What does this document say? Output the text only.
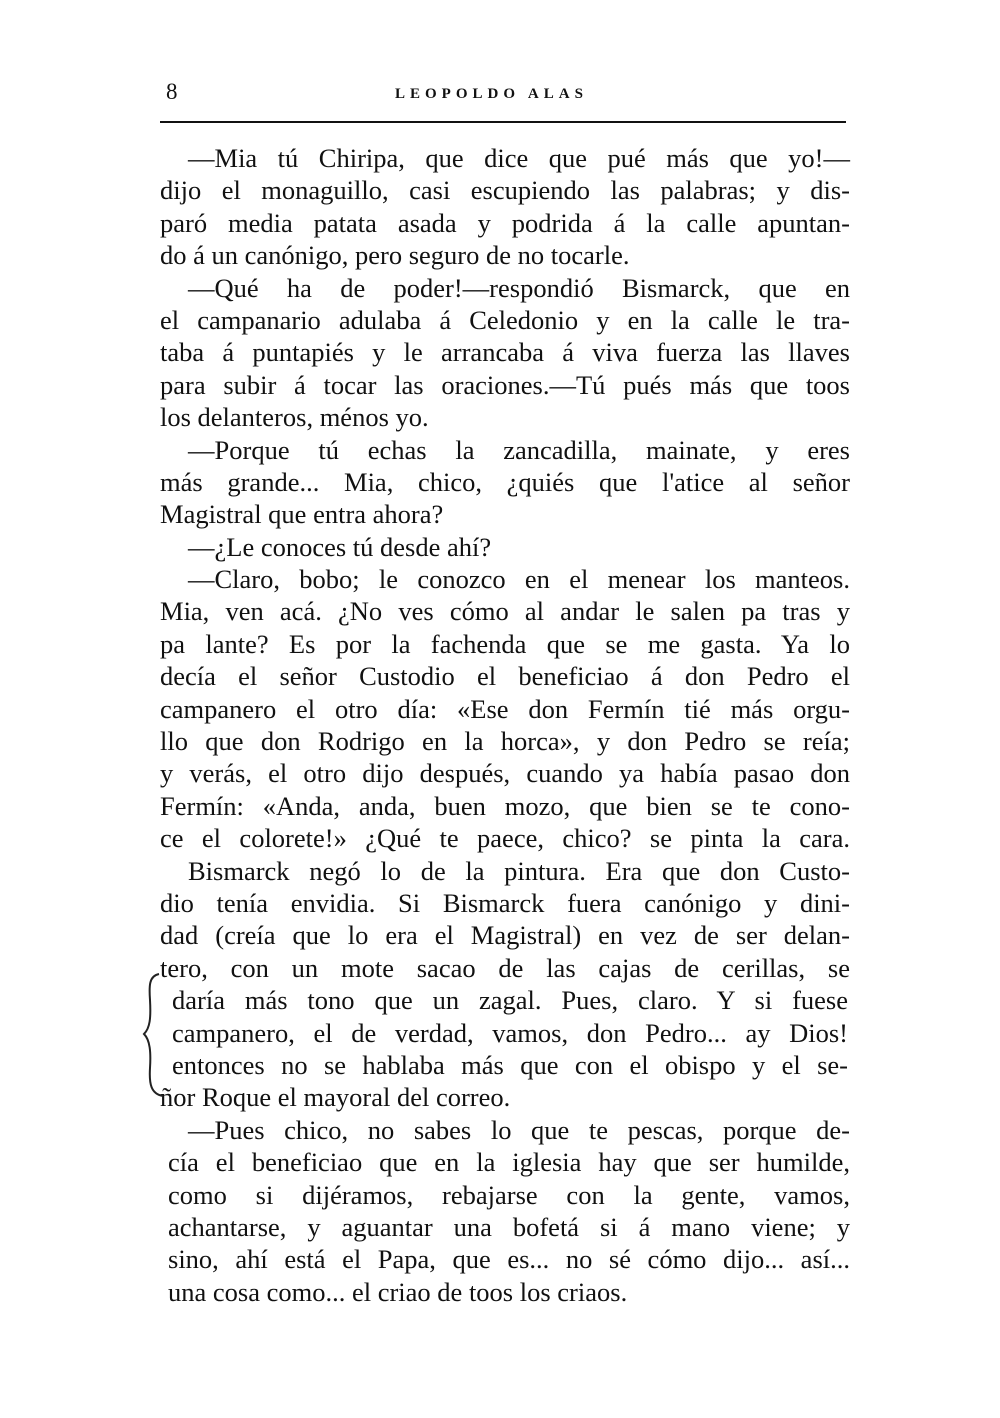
8	LEOPOLDO ALAS
—Mia tú Chiripa, que dice que pué más que yo!—
dijo el monaguillo, casi escupiendo las palabras; y dis-
paró media patata asada y podrida á la calle apuntan-
do á un canónigo, pero seguro de no tocarle.
—Qué ha de poder!—respondió Bismarck, que en
el campanario adulaba á Celedonio y en la calle le tra-
taba á puntapiés y le arrancaba á viva fuerza las llaves
para subir á tocar las oraciones.—Tú pués más que toos
los delanteros, ménos yo.
—Porque tú echas la zancadilla, mainate, y eres
más grande... Mia, chico, ¿quiés que l'atice al señor
Magistral que entra ahora?
—¿Le conoces tú desde ahí?
—Claro, bobo; le conozco en el menear los manteos.
Mia, ven acá. ¿No ves cómo al andar le salen pa tras y
pa lante? Es por la fachenda que se me gasta. Ya lo
decía el señor Custodio el beneficiao á don Pedro el
campanero el otro día: «Ese don Fermín tié más orgu-
llo que don Rodrigo en la horca», y don Pedro se reía;
y verás, el otro dijo después, cuando ya había pasao don
Fermín: «Anda, anda, buen mozo, que bien se te cono-
ce el colorete!» ¿Qué te paece, chico? se pinta la cara.
Bismarck negó lo de la pintura. Era que don Custo-
dio tenía envidia. Si Bismarck fuera canónigo y dini-
dad (creía que lo era el Magistral) en vez de ser delan-
tero, con un mote sacao de las cajas de cerillas, se
daría más tono que un zagal. Pues, claro. Y si fuese
campanero, el de verdad, vamos, don Pedro... ay Dios!
entonces no se hablaba más que con el obispo y el se-
ñor Roque el mayoral del correo.
—Pues chico, no sabes lo que te pescas, porque de-
cía el beneficiao que en la iglesia hay que ser humilde,
como si dijéramos, rebajarse con la gente, vamos,
achantarse, y aguantar una bofetá si á mano viene; y
sino, ahí está el Papa, que es... no sé cómo dijo... así...
una cosa como... el criao de toos los criaos.
